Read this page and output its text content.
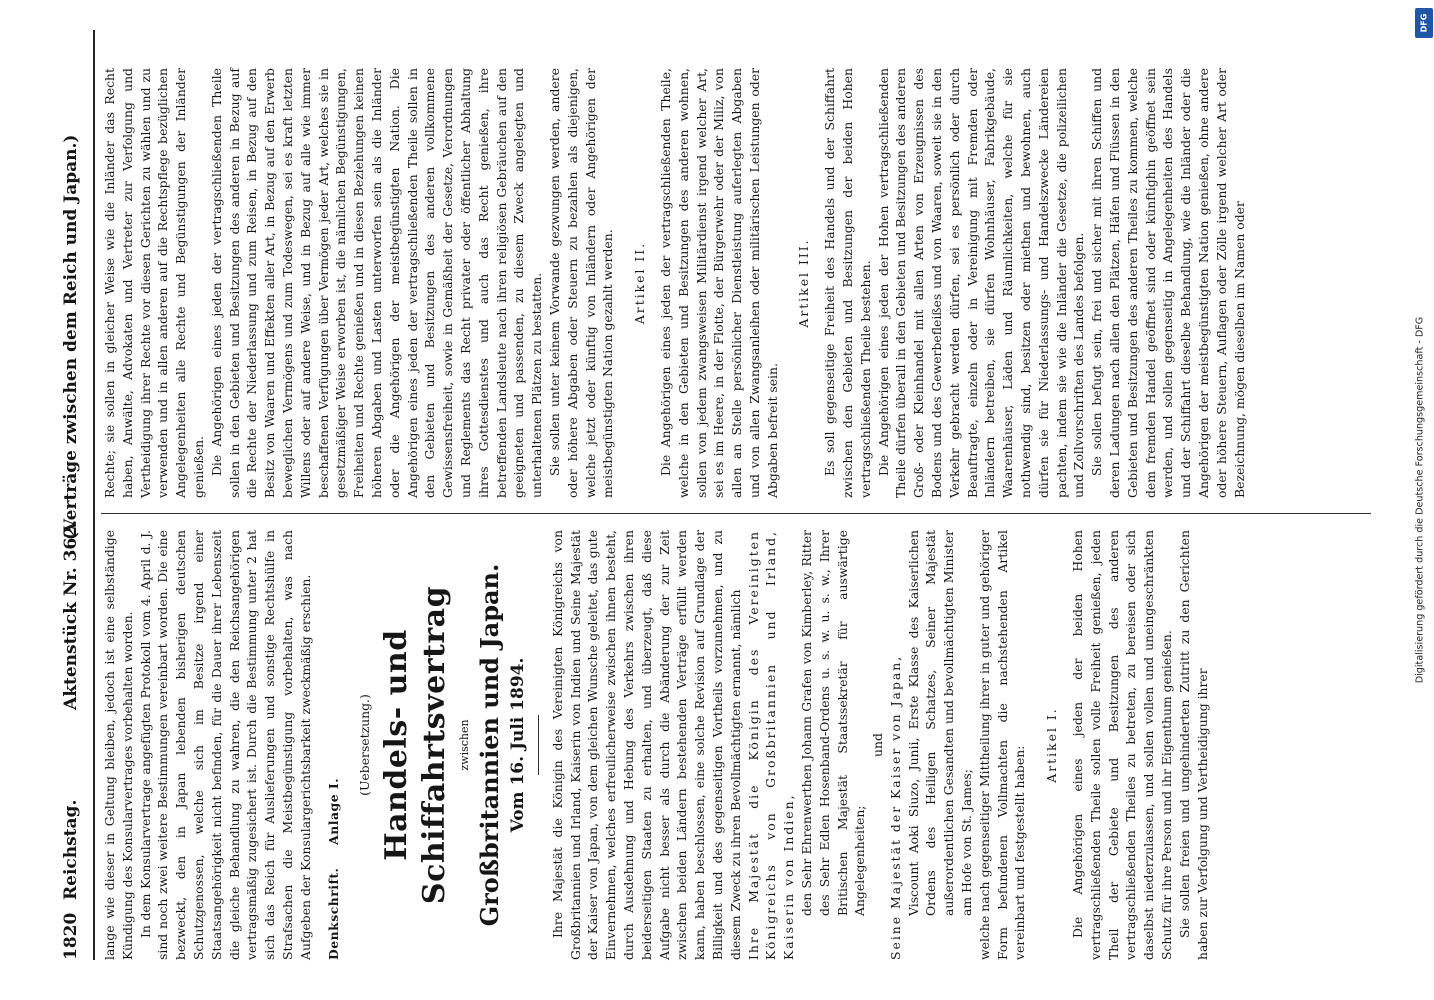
1820
Reichstag.
Aktenstück Nr. 362.
(Verträge zwischen dem Reich und Japan.)

lange wie dieser in Geltung bleiben, jedoch ist eine selbständige Kündigung des Konsularvertrages vorbehalten worden. In dem Konsularvertrage angefügten Protokoll vom 4. April d. J. sind noch zwei weitere Bestimmungen vereinbart worden. Die eine bezweckt, den in Japan lebenden bisherigen deutschen Schutzgenossen, welche sich im Besitze irgend einer Staatsangehörigkeit nicht befinden, für die Dauer ihrer Lebenszeit die gleiche Behandlung zu wahren, die den Reichsangehörigen vertragsmäßig zugesichert ist. Durch die Bestimmung unter 2 hat sich das Reich für Auslieferungen und sonstige Rechtshülfe in Strafsachen die Meistbegünstigung vorbehalten, was nach Aufgeben der Konsulargerichtsbarkeit zweckmäßig erschien. Denkschrift. Anlage I.

(Uebersetzung.) Handels- und Schiffahrtsvertrag zwischen Großbritannien und Japan. Vom 16. Juli 1894. Ihre Majestät die Königin des Vereinigten Königreichs von Großbritannien und Irland, Kaiserin von Indien und Seine Majestät der Kaiser von Japan, von dem gleichen Wunsche geleitet, das gute Einvernehmen, welches erfreulicherweise zwischen ihnen besteht, durch Ausdehnung und Hebung des Verkehrs zwischen ihren beiderseitigen Staaten zu erhalten, und überzeugt, daß diese Aufgabe nicht besser als durch die Abänderung der zur Zeit zwischen beiden Ländern bestehenden Verträge erfüllt werden kann, haben beschlossen, eine solche Revision auf Grundlage der Billigkeit und des gegenseitigen Vortheils vorzunehmen, und zu diesem Zweck zu ihren Bevollmächtigten ernannt, nämlich Ihre Majestät die Königin des Vereinigten Königreichs von Großbritannien und Irland, Kaiserin von Indien, den Sehr Ehrenwerthen Johann Grafen von Kimberley, Ritter des Sehr Edlen Hosenband-Ordens u. s. w. u. s. w., Ihrer Britischen Majestät Staatssekretär für auswärtige Angelegenheiten;

und Seine Majestät der Kaiser von Japan, Viscount Aoki Siuzo, Junii, Erste Klasse des Kaiserlichen Ordens des Heiligen Schatzes, Seiner Majestät außerordentlichen Gesandten und bevollmächtigten Minister am Hofe von St. James; welche nach gegenseitiger Mittheilung ihrer in guter und gehöriger Form befundenen Vollmachten die nachstehenden Artikel vereinbart und festgestellt haben:

Artikel I. Die Angehörigen eines jeden der beiden Hohen vertragschließenden Theile sollen volle Freiheit genießen, jeden Theil der Gebiete und Besitzungen des anderen vertragschließenden Theiles zu betreten, zu bereisen oder sich daselbst niederzulassen, und sollen vollen und uneingeschränkten Schutz für ihre Person und ihr Eigenthum genießen. Sie sollen freien und ungehinderten Zutritt zu den Gerichten haben zur Verfolgung und Vertheidigung ihrer

Rechte; sie sollen in gleicher Weise wie die Inländer das Recht haben, Anwälte, Advokaten und Vertreter zur Verfolgung und Vertheidigung ihrer Rechte vor diesen Gerichten zu wählen und zu verwenden und in allen anderen auf die Rechtspflege bezüglichen Angelegenheiten alle Rechte und Begünstigungen der Inländer genießen. Die Angehörigen eines jeden der vertragschließenden Theile sollen in den Gebieten und Besitzungen des anderen in Bezug auf die Rechte der Niederlassung und zum Reisen, in Bezug auf den Besitz von Waaren und Effekten aller Art, in Bezug auf den Erwerb beweglichen Vermögens und zum Todeswegen, sei es kraft letzten Willens oder auf andere Weise, und in Bezug auf alle wie immer beschaffenen Verfügungen über Vermögen jeder Art, welches sie in gesetzmäßiger Weise erworben ist, die nämlichen Begünstigungen, Freiheiten und Rechte genießen und in diesen Beziehungen keinen höheren Abgaben und Lasten unterworfen sein als die Inländer oder die Angehörigen der meistbegünstigten Nation. Die Angehörigen eines jeden der vertragschließenden Theile sollen in den Gebieten und Besitzungen des anderen vollkommene Gewissensfreiheit, sowie in Gemäßheit der Gesetze, Verordnungen und Reglements das Recht privater oder öffentlicher Abhaltung ihres Gottesdienstes und auch das Recht genießen, ihre betreffenden Landsleute nach ihren religiösen Gebräuchen auf den geeigneten und passenden, zu diesem Zweck angelegten und unterhaltenen Plätzen zu bestatten. Sie sollen unter keinem Vorwande gezwungen werden, andere oder höhere Abgaben oder Steuern zu bezahlen als diejenigen, welche jetzt oder künftig von Inländern oder Angehörigen der meistbegünstigten Nation gezahlt werden. Artikel II. Die Angehörigen eines jeden der vertragschließenden Theile, welche in den Gebieten und Besitzungen des anderen wohnen, sollen von jedem zwangsweisen Militärdienst irgend welcher Art, sei es im Heere, in der Flotte, der Bürgerwehr oder der Miliz, von allen an Stelle persönlicher Dienstleistung auferlegten Abgaben und von allen Zwangsanleihen oder militärischen Leistungen oder Abgaben befreit sein.

Artikel III. Es soll gegenseitige Freiheit des Handels und der Schiffahrt zwischen den Gebieten und Besitzungen der beiden Hohen vertragschließenden Theile bestehen. Die Angehörigen eines jeden der Hohen vertragschließenden Theile dürfen überall in den Gebieten und Besitzungen des anderen Groß- oder Kleinhandel mit allen Arten von Erzeugnissen des Bodens und des Gewerbefleißes und von Waaren, soweit sie in den Verkehr gebracht werden dürfen, sei es persönlich oder durch Beauftragte, einzeln oder in Vereinigung mit Fremden oder Inländern betreiben, sie dürfen Wohnhäuser, Fabrikgebäude, Waarenhäuser, Läden und Räumlichkeiten, welche für sie nothwendig sind, besitzen oder miethen und bewohnen, auch dürfen sie für Niederlassungs- und Handelszwecke Ländereien pachten, indem sie wie die Inländer die Gesetze, die polizeilichen und Zollvorschriften des Landes befolgen. Sie sollen befugt sein, frei und sicher mit ihren Schiffen und deren Ladungen nach allen den Plätzen, Häfen und Flüssen in den Gebieten und Besitzungen des anderen Theiles zu kommen, welche dem fremden Handel geöffnet sind oder künftighin geöffnet sein werden, und sollen gegenseitig in Angelegenheiten des Handels und der Schiffahrt dieselbe Behandlung, wie die Inländer oder die Angehörigen der meistbegünstigten Nation genießen, ohne andere oder höhere Steuern, Auflagen oder Zölle irgend welcher Art oder Bezeichnung, mögen dieselben im Namen oder

DFG
Digitalisierung gefördert durch die Deutsche Forschungsgemeinschaft - DFG
